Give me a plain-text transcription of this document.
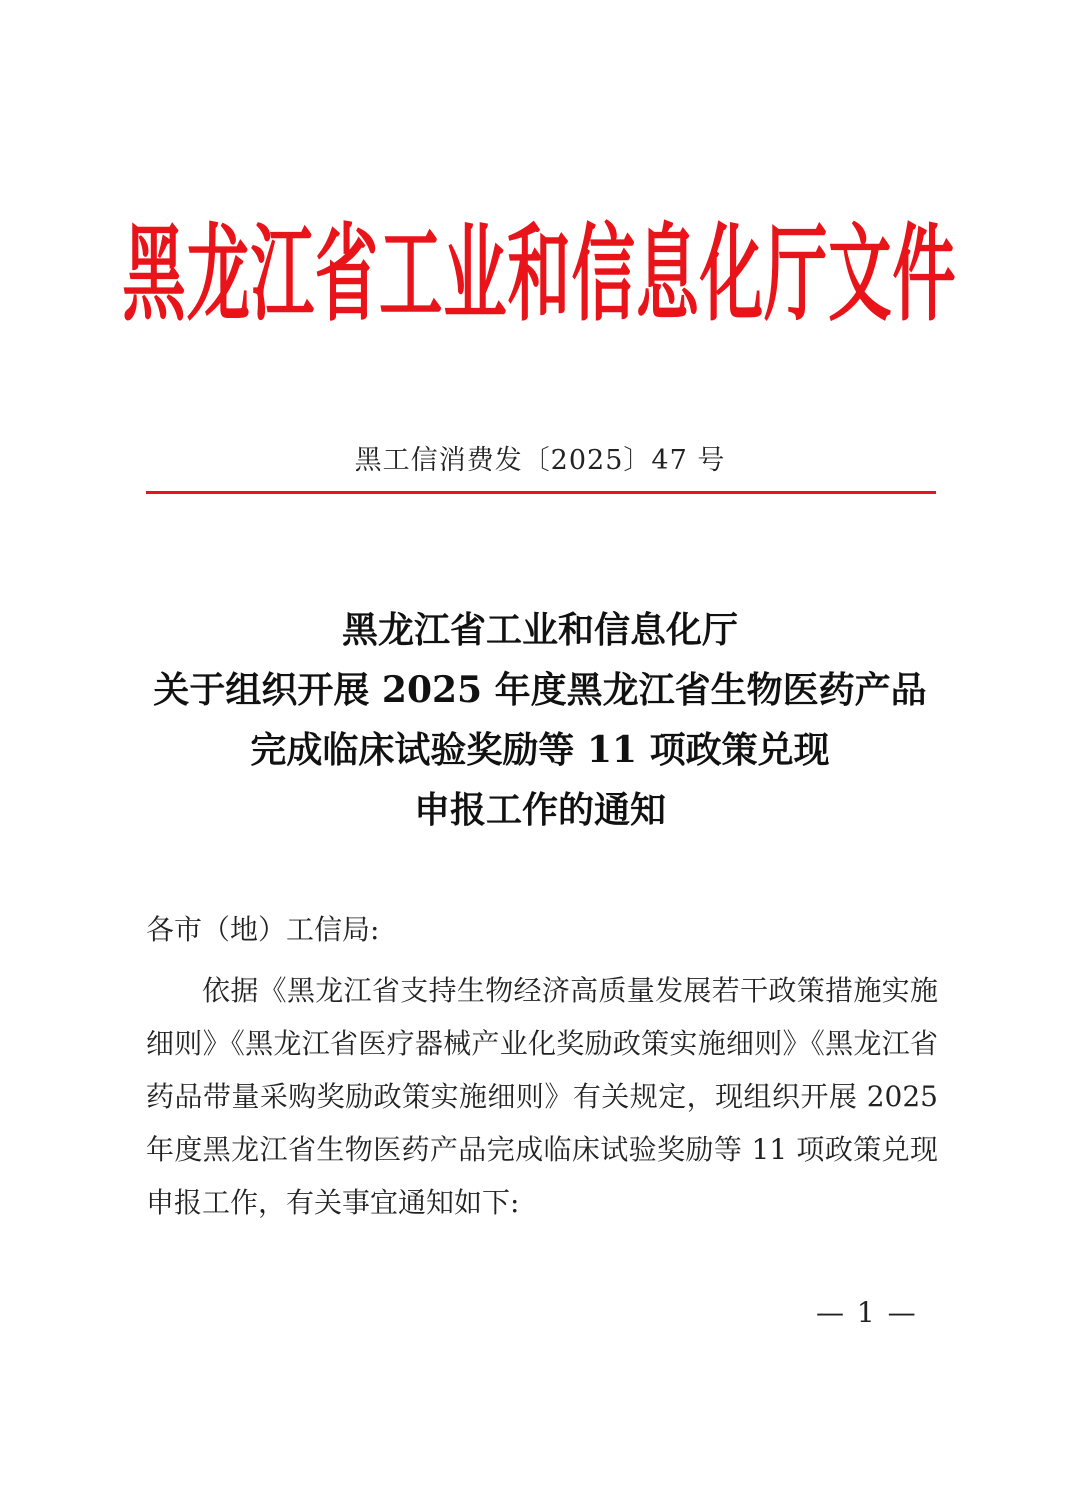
黑龙江省工业和信息化厅文件
黑工信消费发〔2025〕47 号
黑龙江省工业和信息化厅
关于组织开展 2025 年度黑龙江省生物医药产品
完成临床试验奖励等 11 项政策兑现
申报工作的通知
各市（地）工信局:
依据《黑龙江省支持生物经济高质量发展若干政策措施实施
细则》《黑龙江省医疗器械产业化奖励政策实施细则》《黑龙江省
药品带量采购奖励政策实施细则》有关规定，现组织开展 2025
年度黑龙江省生物医药产品完成临床试验奖励等 11 项政策兑现
申报工作，有关事宜通知如下:
— 1 —
